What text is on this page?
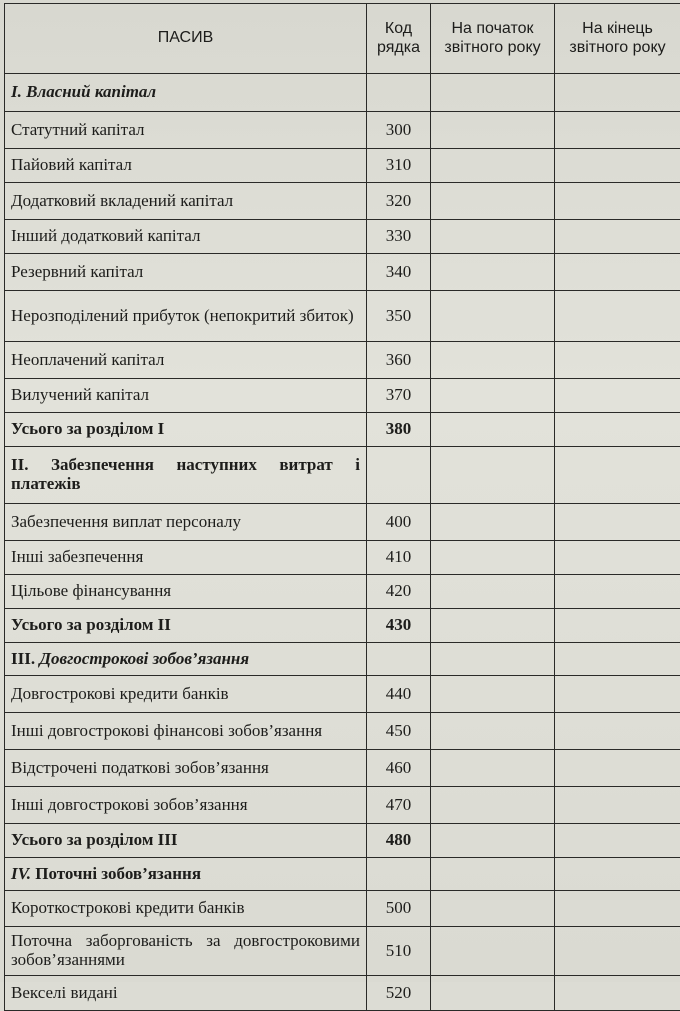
ПАСИВ	Код рядка	На початок звітного року	На кінець звітного року
І. Власний капітал			
Статутний капітал	300		
Пайовий капітал	310		
Додатковий вкладений капітал	320		
Інший додатковий капітал	330		
Резервний капітал	340		
Нерозподілений прибуток (непокритий збиток)	350		
Неоплачений капітал	360		
Вилучений капітал	370		
Усього за розділом І	380		
ІІ. Забезпечення наступних витрат і платежів			
Забезпечення виплат персоналу	400		
Інші забезпечення	410		
Цільове фінансування	420		
Усього за розділом ІІ	430		
ІІІ. Довгострокові зобов’язання			
Довгострокові кредити банків	440		
Інші довгострокові фінансові зобов’язання	450		
Відстрочені податкові зобов’язання	460		
Інші довгострокові зобов’язання	470		
Усього за розділом ІІІ	480		
IV. Поточні зобов’язання			
Короткострокові кредити банків	500		
Поточна заборгованість за довгостроковими зобов’язаннями	510		
Векселі видані	520		
